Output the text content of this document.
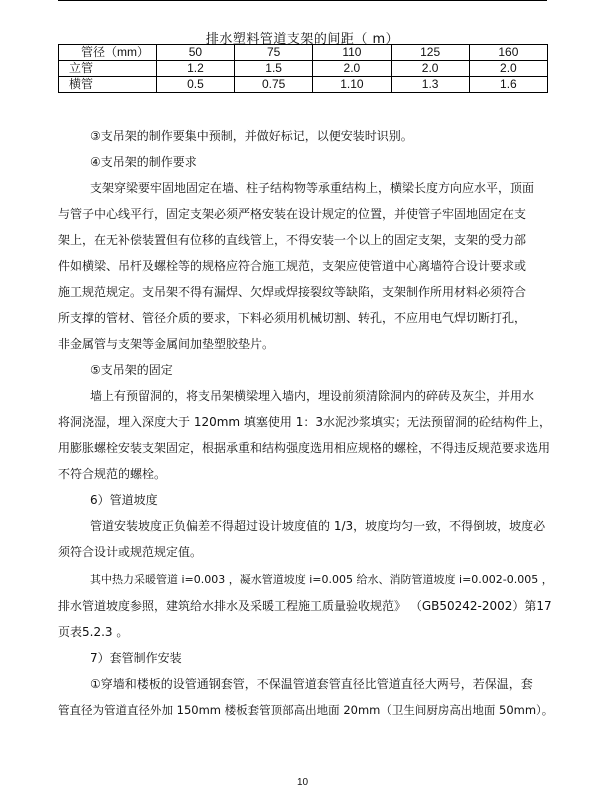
排水塑料管道支架的间距（ m）
管径（mm）	50	75	110	125	160
立管	1.2	1.5	2.0	2.0	2.0
横管	0.5	0.75	1.10	1.3	1.6
③支吊架的制作要集中预制，并做好标记，以便安装时识别。
④支吊架的制作要求
支架穿梁要牢固地固定在墙、柱子结构物等承重结构上，横梁长度方向应水平，顶面
与管子中心线平行，固定支架必须严格安装在设计规定的位置，并使管子牢固地固定在支
架上，在无补偿装置但有位移的直线管上，不得安装一个以上的固定支架，支架的受力部
件如横梁、吊杆及螺栓等的规格应符合施工规范，支架应使管道中心离墙符合设计要求或
施工规范规定。支吊架不得有漏焊、欠焊或焊接裂纹等缺陷，支架制作所用材料必须符合
所支撑的管材、管径介质的要求，下料必须用机械切割、转孔，不应用电气焊切断打孔，
非金属管与支架等金属间加垫塑胶垫片。
⑤支吊架的固定
墙上有预留洞的，将支吊架横梁埋入墙内，埋设前须清除洞内的碎砖及灰尘，并用水
将洞浇湿，埋入深度大于 120mm 填塞使用 1：3水泥沙浆填实；无法预留洞的砼结构件上，
用膨胀螺栓安装支架固定，根据承重和结构强度选用相应规格的螺栓，不得违反规范要求选用
不符合规范的螺栓。
6）管道坡度
管道安装坡度正负偏差不得超过设计坡度值的 1/3，坡度均匀一致，不得倒坡，坡度必
须符合设计或规范规定值。
其中热力采暖管道 i=0.003 ，凝水管道坡度 i=0.005 给水、消防管道坡度 i=0.002-0.005 ，
排水管道坡度参照，建筑给水排水及采暖工程施工质量验收规范》 （GB50242-2002）第17
页表5.2.3 。
7）套管制作安装
①穿墙和楼板的设管通钢套管，不保温管道套管直径比管道直径大两号，若保温，套
管直径为管道直径外加 150mm 楼板套管顶部高出地面 20mm（卫生间厨房高出地面 50mm）。
10
